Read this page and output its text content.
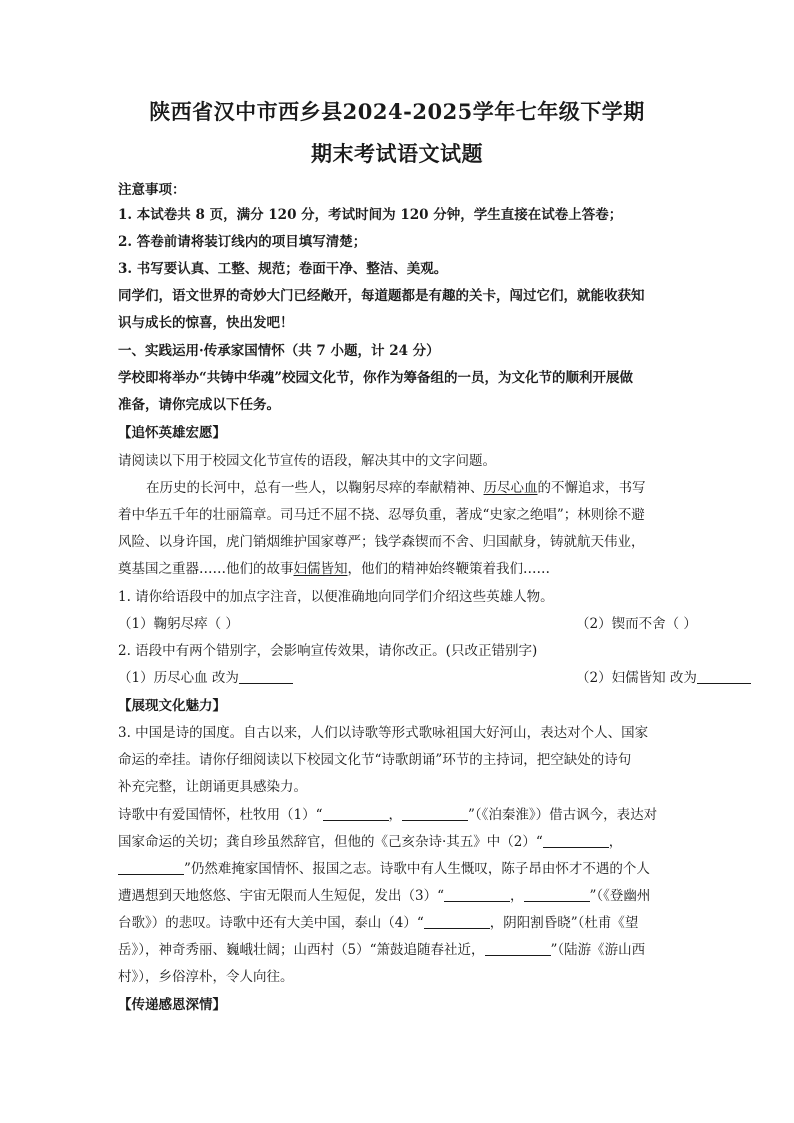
陕西省汉中市西乡县2024-2025学年七年级下学期
期末考试语文试题
注意事项：
1. 本试卷共 8 页，满分 120 分，考试时间为 120 分钟，学生直接在试卷上答卷；
2. 答卷前请将装订线内的项目填写清楚；
3. 书写要认真、工整、规范；卷面干净、整洁、美观。
同学们，语文世界的奇妙大门已经敞开，每道题都是有趣的关卡，闯过它们，就能收获知
识与成长的惊喜，快出发吧！
一、实践运用·传承家国情怀（共 7 小题，计 24 分）
学校即将举办“共铸中华魂”校园文化节，你作为筹备组的一员，为文化节的顺利开展做
准备，请你完成以下任务。
【追怀英雄宏愿】
请阅读以下用于校园文化节宣传的语段，解决其中的文字问题。
在历史的长河中，总有一些人，以鞠躬尽瘁的奉献精神、历尽心血的不懈追求，书写
着中华五千年的壮丽篇章。司马迁不屈不挠、忍辱负重，著成“史家之绝唱”；林则徐不避
风险、以身许国，虎门销烟维护国家尊严；钱学森锲而不舍、归国献身，铸就航天伟业，
奠基国之重器……他们的故事妇儒皆知，他们的精神始终鞭策着我们……
1. 请你给语段中的加点字注音，以便准确地向同学们介绍这些英雄人物。
（1）鞠躬尽瘁（ ）	（2）锲而不舍（ ）
2. 语段中有两个错别字，会影响宣传效果，请你改正。(只改正错别字)
（1）历尽心血 改为	（2）妇儒皆知 改为
【展现文化魅力】
3. 中国是诗的国度。自古以来，人们以诗歌等形式歌咏祖国大好河山，表达对个人、国家
命运的牵挂。请你仔细阅读以下校园文化节“诗歌朗诵”环节的主持词，把空缺处的诗句
补充完整，让朗诵更具感染力。
诗歌中有爱国情怀，杜牧用（1）“	，	”（《泊秦淮》）借古讽今，表达对
国家命运的关切；龚自珍虽然辞官，但他的《己亥杂诗·其五》中（2）“	，
”仍然难掩家国情怀、报国之志。诗歌中有人生慨叹，陈子昂由怀才不遇的个人
遭遇想到天地悠悠、宇宙无限而人生短促，发出（3）“	，	”（《登幽州
台歌》）的悲叹。诗歌中还有大美中国，泰山（4）“	，阴阳割昏晓”（杜甫《望
岳》），神奇秀丽、巍峨壮阔；山西村（5）“箫鼓追随春社近，	”（陆游《游山西
村》），乡俗淳朴，令人向往。
【传递感恩深情】
